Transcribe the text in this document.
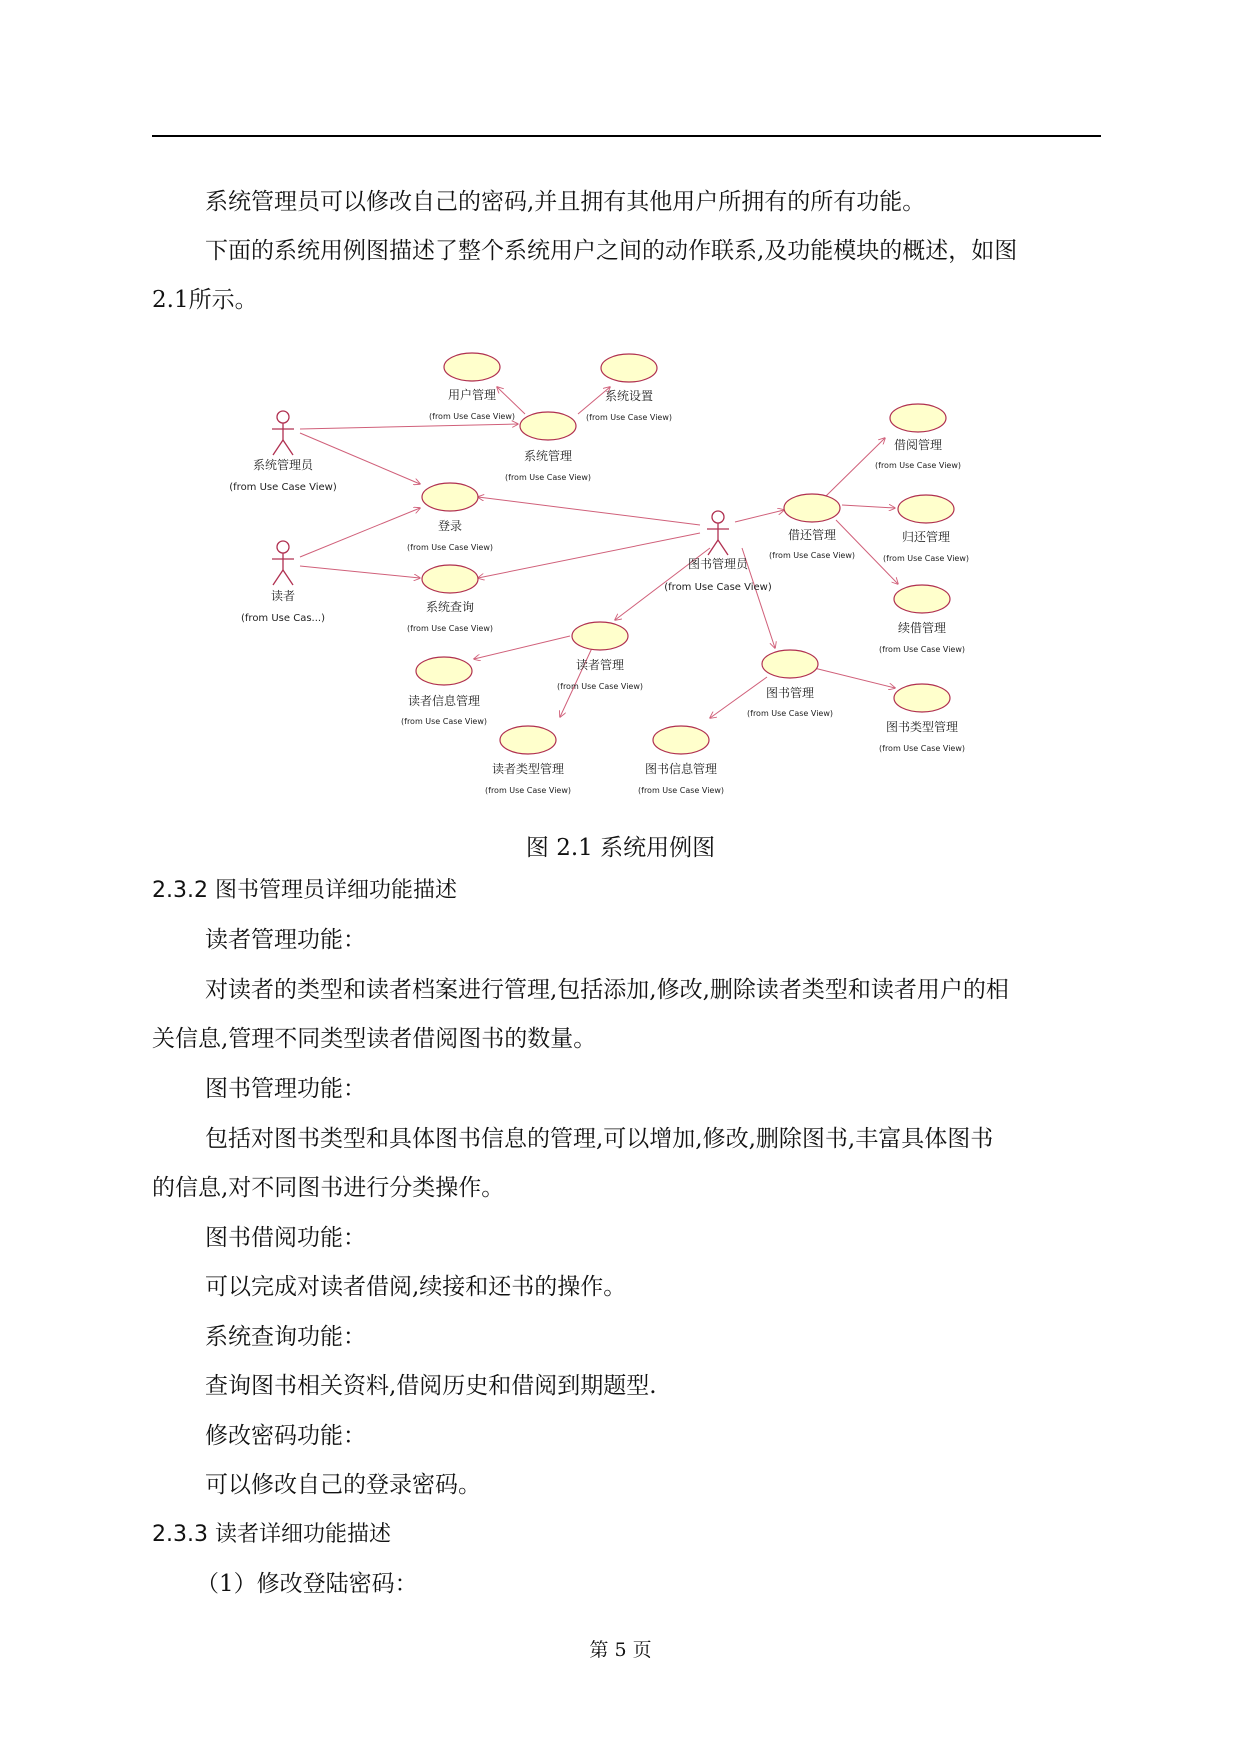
系统管理员可以修改自己的密码,并且拥有其他用户所拥有的所有功能。
下面的系统用例图描述了整个系统用户之间的动作联系,及功能模块的概述，如图
2.1所示。
系统管理员
(from Use Case View)
读者
(from Use Cas...)
图书管理员
(from Use Case View)
用户管理
(from Use Case View)
系统设置
(from Use Case View)
系统管理
(from Use Case View)
登录
(from Use Case View)
系统查询
(from Use Case View)
借阅管理
(from Use Case View)
借还管理
(from Use Case View)
归还管理
(from Use Case View)
续借管理
(from Use Case View)
读者管理
(from Use Case View)
读者信息管理
(from Use Case View)
读者类型管理
(from Use Case View)
图书管理
(from Use Case View)
图书信息管理
(from Use Case View)
图书类型管理
(from Use Case View)
图 2.1 系统用例图
2.3.2 图书管理员详细功能描述
读者管理功能：
对读者的类型和读者档案进行管理,包括添加,修改,删除读者类型和读者用户的相
关信息,管理不同类型读者借阅图书的数量。
图书管理功能：
包括对图书类型和具体图书信息的管理,可以增加,修改,删除图书,丰富具体图书
的信息,对不同图书进行分类操作。
图书借阅功能：
可以完成对读者借阅,续接和还书的操作。
系统查询功能：
查询图书相关资料,借阅历史和借阅到期题型.
修改密码功能：
可以修改自己的登录密码。
2.3.3 读者详细功能描述
（1）修改登陆密码：
第 5 页
